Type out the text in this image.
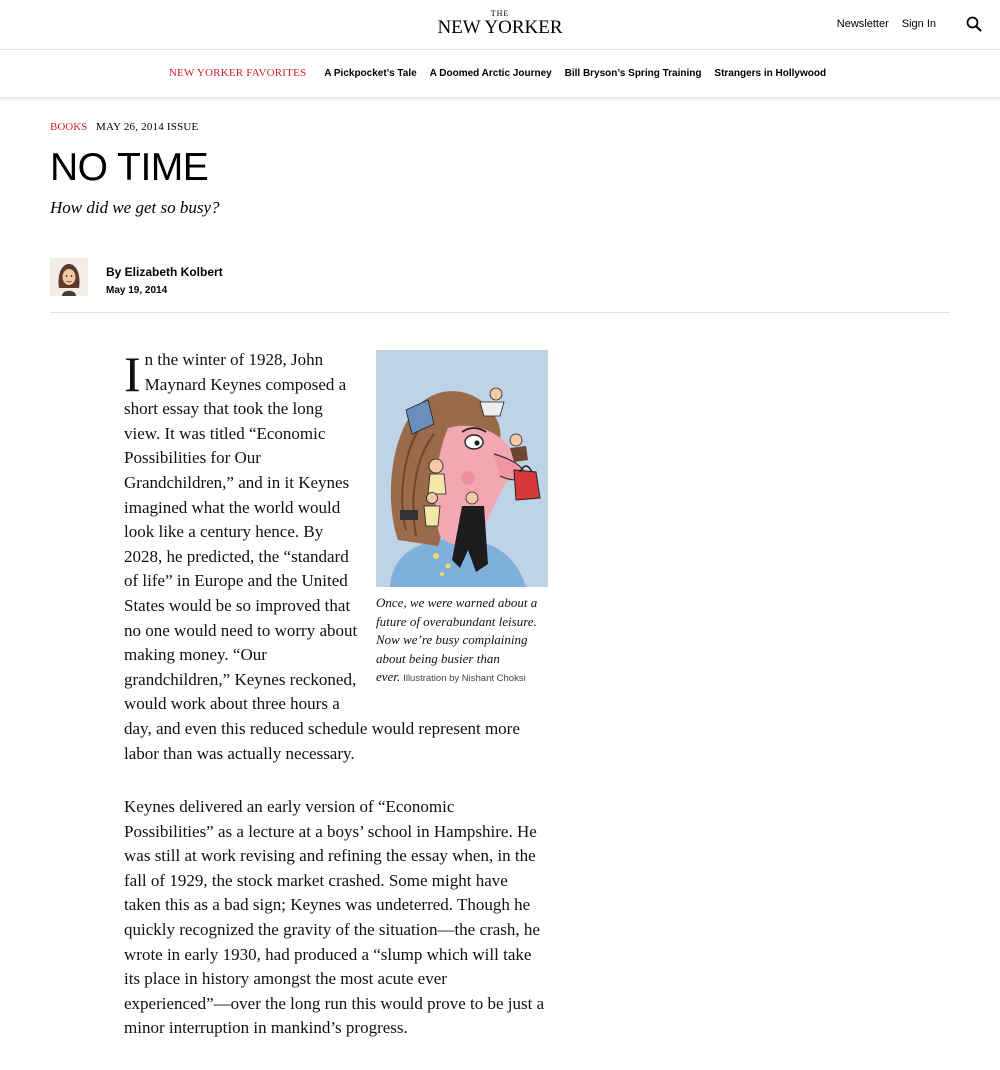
THE
NEW YORKER	Newsletter Sign In
NEW YORKER FAVORITES A Pickpocket’s Tale A Doomed Arctic Journey Bill Bryson’s Spring Training Strangers in Hollywood
BOOKS MAY 26, 2014 ISSUE
NO TIME
How did we get so busy?
By Elizabeth Kolbert
May 19, 2014
Once, we were warned about a future of overabundant leisure. Now we’re busy complaining about being busier than ever. Illustration by Nishant Choksi

In the winter of 1928, John Maynard Keynes composed a short essay that took the long view. It was titled “Economic Possibilities for Our Grandchildren,” and in it Keynes imagined what the world would look like a century hence. By 2028, he predicted, the “standard of life” in Europe and the United States would be so improved that no one would need to worry about making money. “Our grandchildren,” Keynes reckoned, would work about three hours a day, and even this reduced schedule would represent more labor than was actually necessary.

Keynes delivered an early version of “Economic Possibilities” as a lecture at a boys’ school in Hampshire. He was still at work revising and refining the essay when, in the fall of 1929, the stock market crashed. Some might have taken this as a bad sign; Keynes was undeterred. Though he quickly recognized the gravity of the situation—the crash, he wrote in early 1930, had produced a “slump which will take its place in history amongst the most acute ever experienced”—over the long run this would prove to be just a minor interruption in mankind’s progress.
